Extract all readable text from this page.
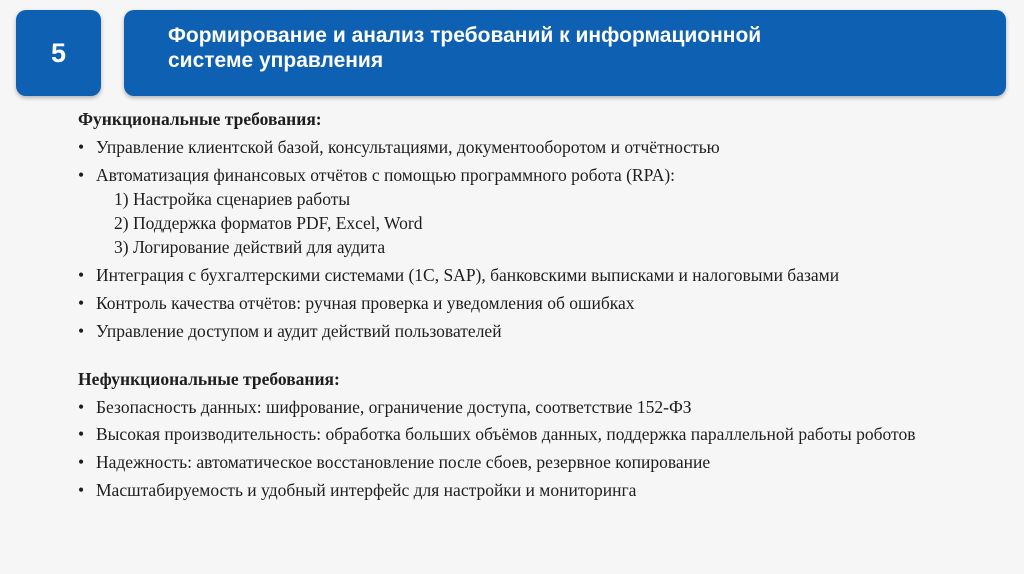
5
Формирование и анализ требований к информационной
системе управления
Функциональные требования:
• Управление клиентской базой, консультациями, документооборотом и отчётностью
• Автоматизация финансовых отчётов с помощью программного робота (RPA):
1) Настройка сценариев работы
2) Поддержка форматов PDF, Excel, Word
3) Логирование действий для аудита
• Интеграция с бухгалтерскими системами (1С, SAP), банковскими выписками и налоговыми базами
• Контроль качества отчётов: ручная проверка и уведомления об ошибках
• Управление доступом и аудит действий пользователей
Нефункциональные требования:
• Безопасность данных: шифрование, ограничение доступа, соответствие 152-ФЗ
• Высокая производительность: обработка больших объёмов данных, поддержка параллельной работы роботов
• Надежность: автоматическое восстановление после сбоев, резервное копирование
• Масштабируемость и удобный интерфейс для настройки и мониторинга
